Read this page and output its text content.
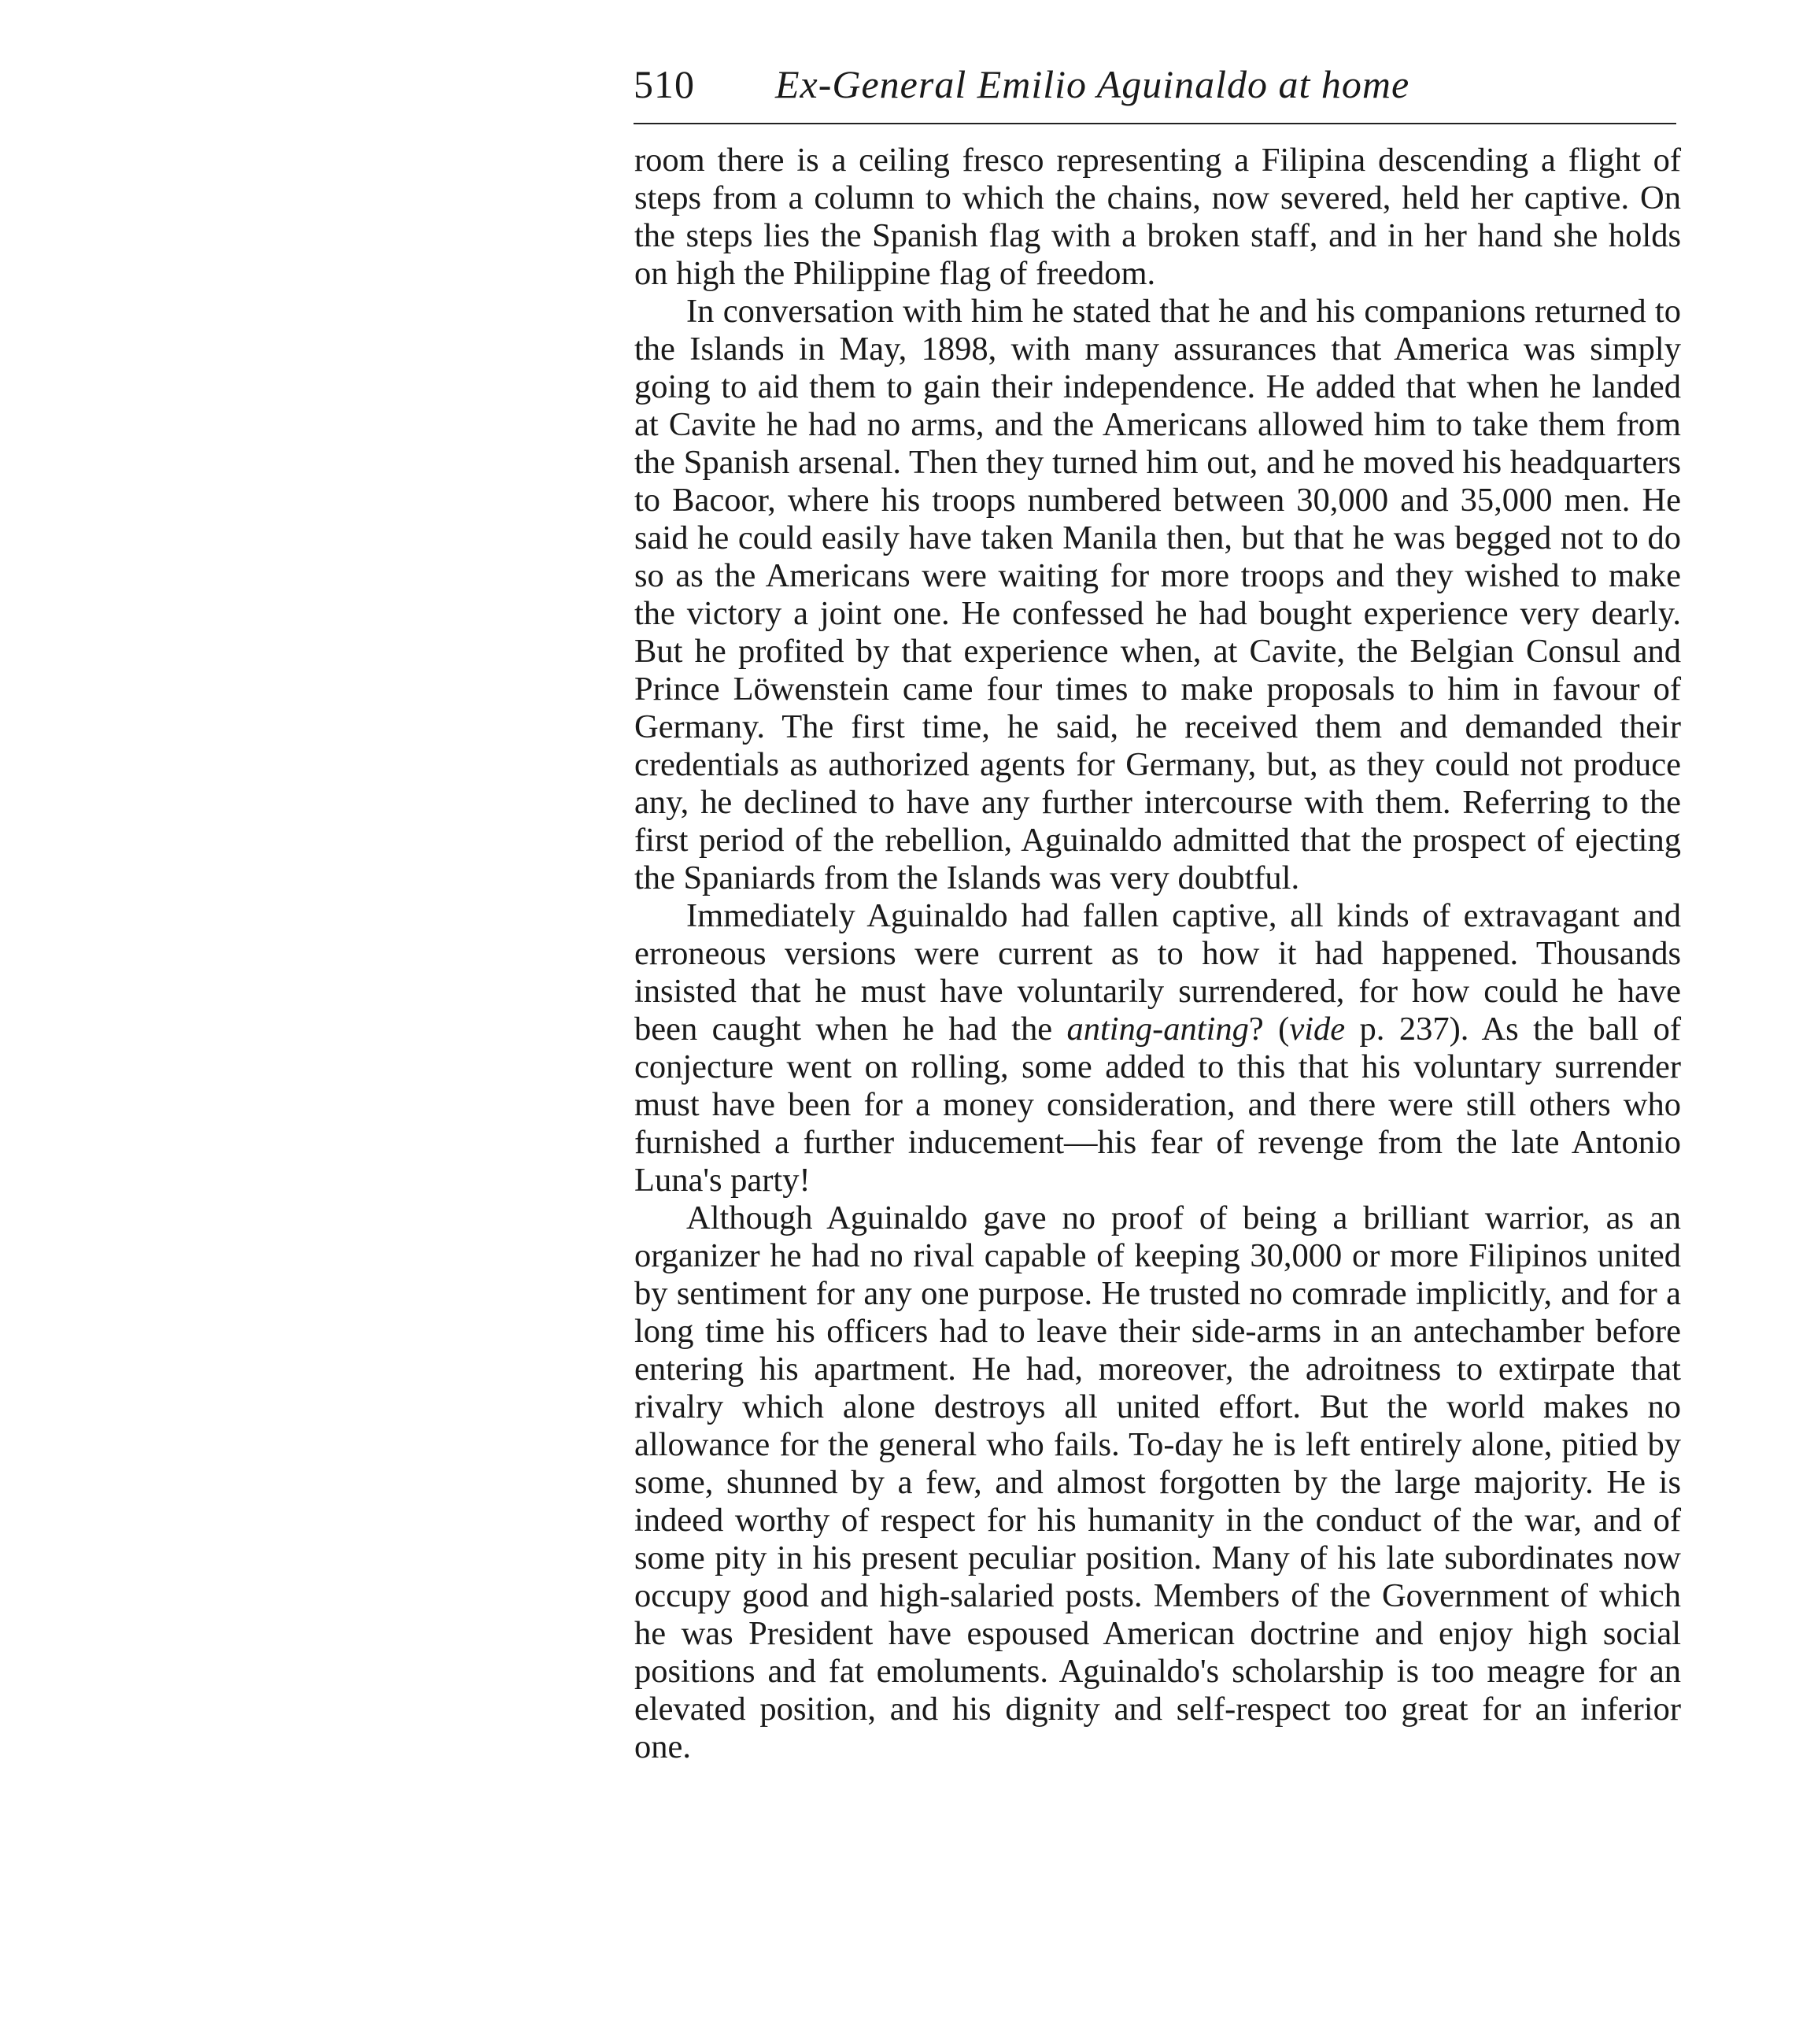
510 Ex-General Emilio Aguinaldo at home

room there is a ceiling fresco representing a Filipina descending a flight of steps from a column to which the chains, now severed, held her captive. On the steps lies the Spanish flag with a broken staff, and in her hand she holds on high the Philippine flag of freedom.

In conversation with him he stated that he and his companions returned to the Islands in May, 1898, with many assurances that America was simply going to aid them to gain their independence. He added that when he landed at Cavite he had no arms, and the Americans allowed him to take them from the Spanish arsenal. Then they turned him out, and he moved his headquarters to Bacoor, where his troops numbered between 30,000 and 35,000 men. He said he could easily have taken Manila then, but that he was begged not to do so as the Americans were waiting for more troops and they wished to make the victory a joint one. He confessed he had bought experience very dearly. But he profited by that experience when, at Cavite, the Belgian Consul and Prince Löwenstein came four times to make proposals to him in favour of Germany. The first time, he said, he received them and demanded their credentials as authorized agents for Germany, but, as they could not produce any, he declined to have any further intercourse with them. Referring to the first period of the rebellion, Aguinaldo admitted that the prospect of ejecting the Spaniards from the Islands was very doubtful.

Immediately Aguinaldo had fallen captive, all kinds of extravagant and erroneous versions were current as to how it had happened. Thousands insisted that he must have voluntarily surrendered, for how could he have been caught when he had the anting-anting? (vide p. 237). As the ball of conjecture went on rolling, some added to this that his voluntary surrender must have been for a money consideration, and there were still others who furnished a further inducement—his fear of revenge from the late Antonio Luna's party!

Although Aguinaldo gave no proof of being a brilliant warrior, as an organizer he had no rival capable of keeping 30,000 or more Filipinos united by sentiment for any one purpose. He trusted no comrade implicitly, and for a long time his officers had to leave their side-arms in an antechamber before entering his apartment. He had, moreover, the adroitness to extirpate that rivalry which alone destroys all united effort. But the world makes no allowance for the general who fails. To-day he is left entirely alone, pitied by some, shunned by a few, and almost forgotten by the large majority. He is indeed worthy of respect for his humanity in the conduct of the war, and of some pity in his present peculiar position. Many of his late subordinates now occupy good and high-salaried posts. Members of the Government of which he was President have espoused American doctrine and enjoy high social positions and fat emoluments. Aguinaldo's scholarship is too meagre for an elevated position, and his dignity and self-respect too great for an inferior one.
